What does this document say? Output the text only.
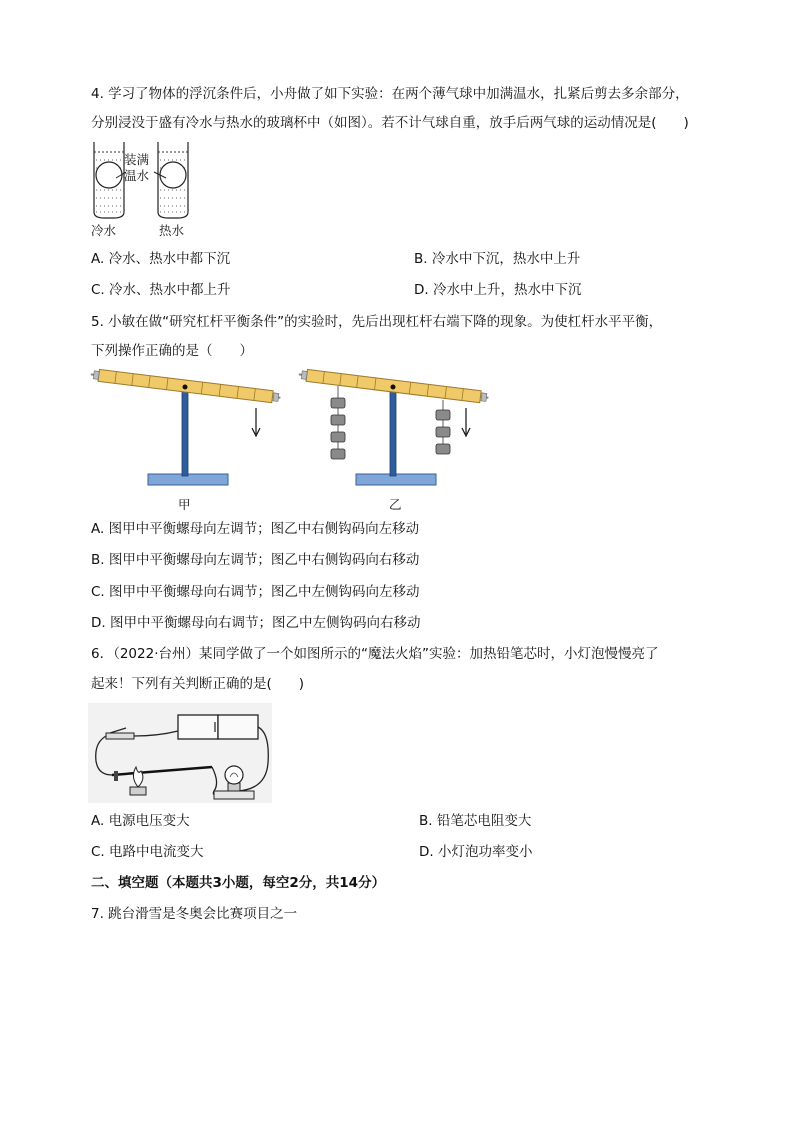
4. 学习了物体的浮沉条件后，小舟做了如下实验：在两个薄气球中加满温水，扎紧后剪去多余部分，
分别浸没于盛有冷水与热水的玻璃杯中（如图）。若不计气球自重，放手后两气球的运动情况是(　　)
装满
温水
冷水	热水
A. 冷水、热水中都下沉	B. 冷水中下沉，热水中上升
C. 冷水、热水中都上升	D. 冷水中上升，热水中下沉
5. 小敏在做“研究杠杆平衡条件”的实验时，先后出现杠杆右端下降的现象。为使杠杆水平平衡，
下列操作正确的是（　　）
甲	乙
A. 图甲中平衡螺母向左调节；图乙中右侧钩码向左移动
B. 图甲中平衡螺母向左调节；图乙中右侧钩码向右移动
C. 图甲中平衡螺母向右调节；图乙中左侧钩码向左移动
D. 图甲中平衡螺母向右调节；图乙中左侧钩码向右移动
6．（2022·台州）某同学做了一个如图所示的“魔法火焰”实验：加热铅笔芯时，小灯泡慢慢亮了
起来！下列有关判断正确的是(　　)
A. 电源电压变大	B. 铅笔芯电阻变大
C. 电路中电流变大	D. 小灯泡功率变小
二、填空题（本题共3小题，每空2分，共14分）
7. 跳台滑雪是冬奥会比赛项目之一
